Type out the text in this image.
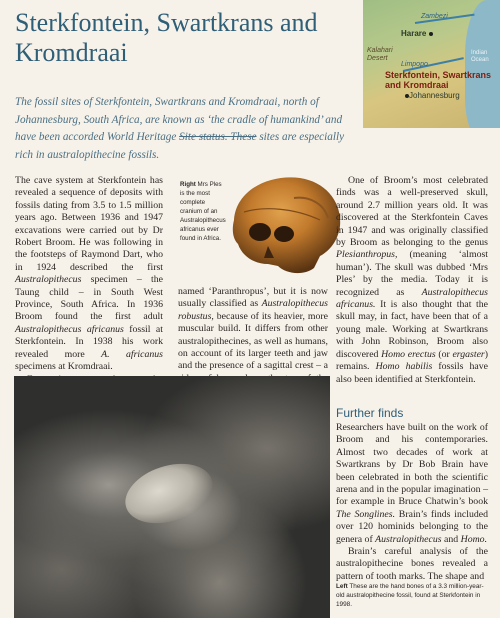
Sterkfontein, Swartkrans and Kromdraai
Zambezi
Harare
Kalahari Desert
Indian Ocean
Limpopo
Sterkfontein, Swartkrans and Kromdraai
Johannesburg

The fossil sites of Sterkfontein, Swartkrans and Kromdraai, north of Johannesburg, South Africa, are known as ‘the cradle of humankind’ and have been accorded World Heritage Site status. These sites are especially rich in australopithecine fossils.

The cave system at Sterkfontein has revealed a sequence of deposits with fossils dating from 3.5 to 1.5 million years ago. Between 1936 and 1947 excavations were carried out by Dr Robert Broom. He was following in the footsteps of Raymond Dart, who in 1924 described the first Australopithecus specimen – the Taung child – in South West Province, South Africa. In 1936 Broom found the first adult Australopithecus africanus fossil at Sterkfontein. In 1938 his work revealed more A. africanus specimens at Kromdraai.

Right Mrs Ples is the most complete cranium of an Australopithecus africanus ever found in Africa.

named ‘Paranthropus’, but it is now usually classified as Australopithecus robustus, because of its heavier, more muscular build. It differs from other australopithecines, as well as humans, on account of its larger teeth and jaw and the presence of a sagittal crest – a

One of Broom’s most celebrated finds was a well-preserved skull, around 2.7 million years old. It was discovered at the Sterkfontein Caves in 1947 and was originally classified by Broom as belonging to the genus Plesianthropus, (meaning ‘almost human’). The skull was dubbed ‘Mrs Ples’ by the media. Today it is recognized as Australopithecus africanus. It is also thought that the skull may, in fact, have been that of a young male. Working at Swartkrans with John Robinson, Broom also discovered Homo erectus (or ergaster) remains. Homo habilis fossils have also been identified at Sterkfontein.

Further finds

Researchers have built on the work of Broom and his contemporaries. Almost two decades of work at Swartkrans by Dr Bob Brain have been celebrated in both the scientific arena and in the popular imagination – for example in Bruce Chatwin’s book The Songlines. Brain’s finds included over 120 hominids belonging to the genera of Australopithecus and Homo.

Brain’s careful analysis of the australopithecine bones revealed a pattern of tooth marks. The shape and

Left These are the hand bones of a 3.3 million-year-old australopithecine fossil, found at Sterkfontein in 1998.
